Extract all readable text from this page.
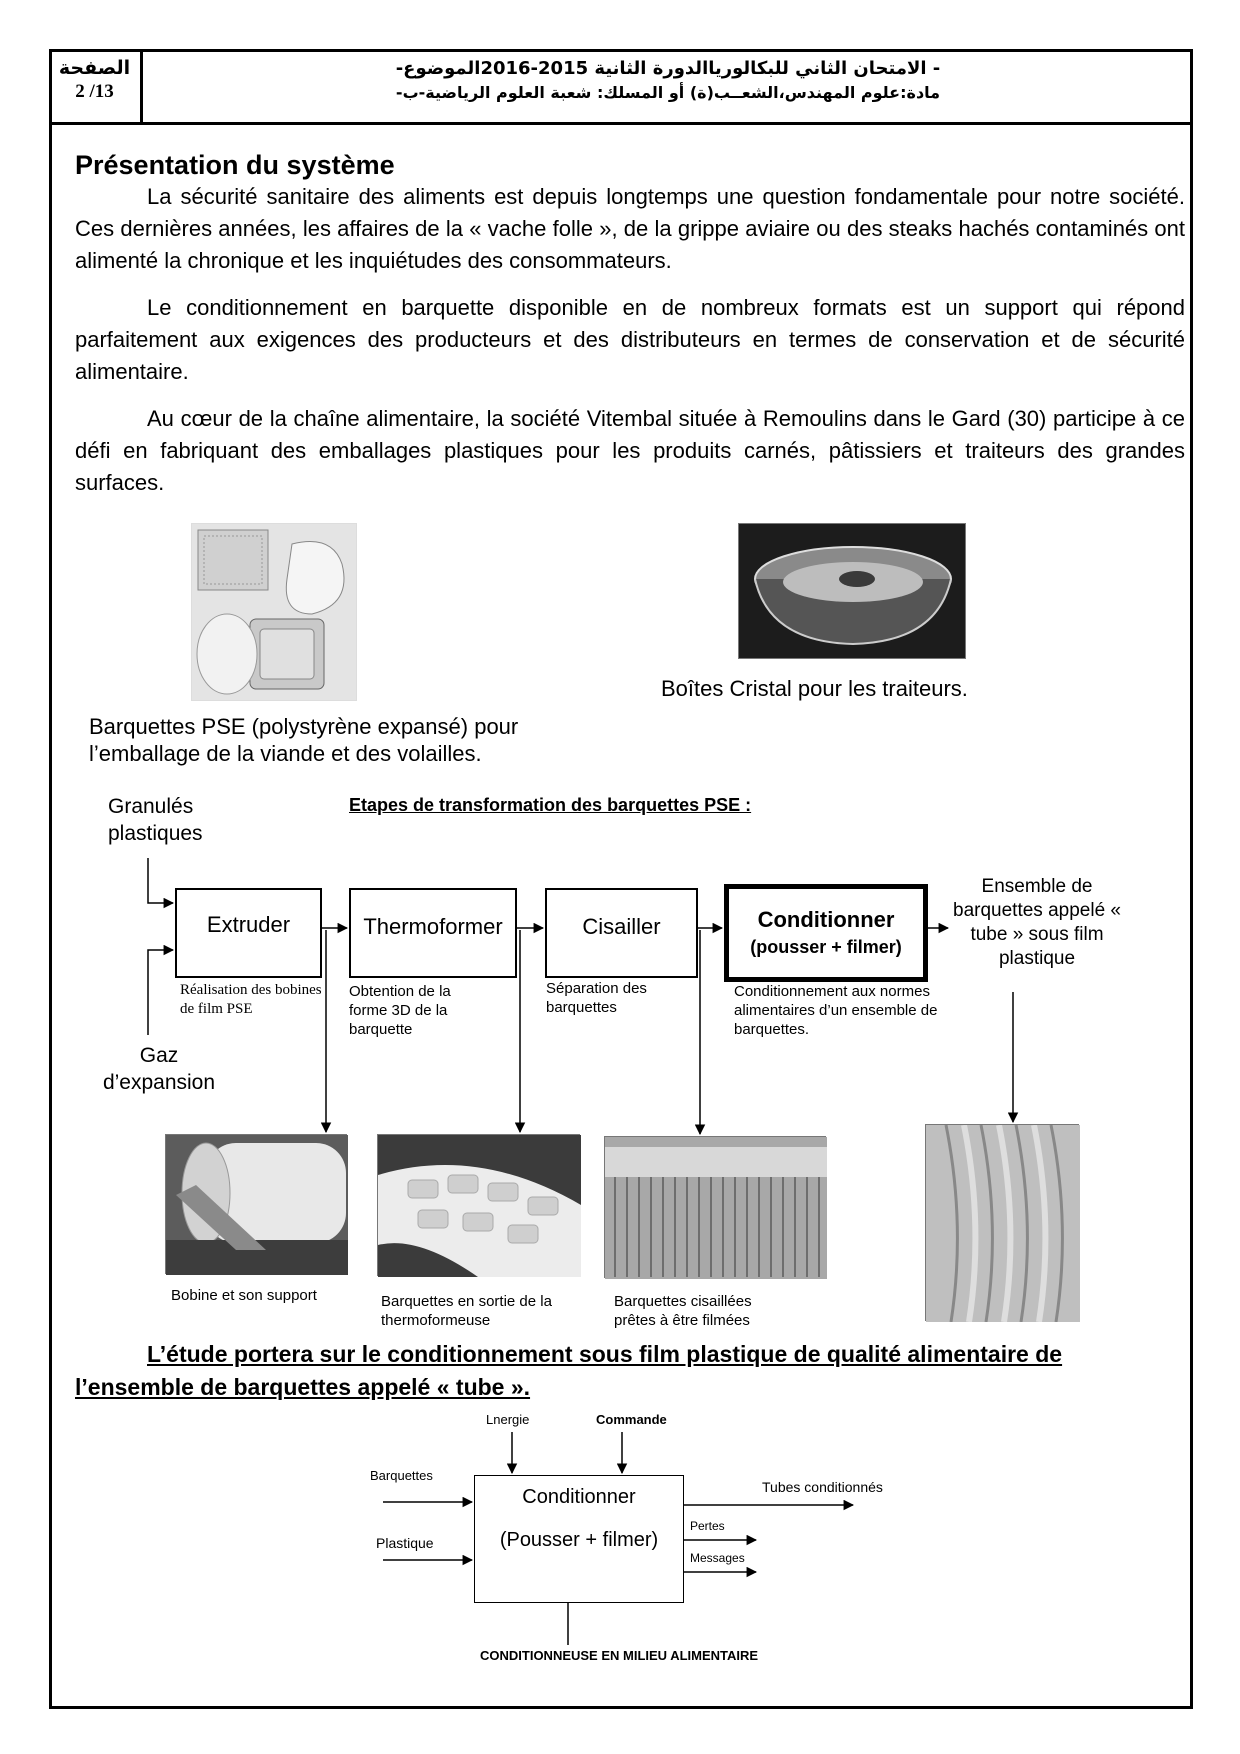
الصفحة
2 /13
- الامتحان الثاني للبكالورياالدورة الثانية 2015-2016الموضوع-
مادة:علوم المهندس،الشعــب(ة) أو المسلك: شعبة العلوم الرياضية-ب-
Présentation du système

La sécurité sanitaire des aliments est depuis longtemps une question fondamentale pour notre société. Ces dernières années, les affaires de la « vache folle », de la grippe aviaire ou des steaks hachés contaminés ont alimenté la chronique et les inquiétudes des consommateurs.

Le conditionnement en barquette disponible en de nombreux formats est un support qui répond parfaitement aux exigences des producteurs et des distributeurs en termes de conservation et de sécurité alimentaire.

Au cœur de la chaîne alimentaire, la société Vitembal située à Remoulins dans le Gard (30) participe à ce défi en fabriquant des emballages plastiques pour les produits carnés, pâtissiers et traiteurs des grandes surfaces.

Boîtes Cristal pour les traiteurs.
Barquettes PSE (polystyrène expansé) pour l’emballage de la viande et des volailles.
Etapes de transformation des barquettes PSE :
Granulés plastiques
Gaz d’expansion
Ensemble de barquettes appelé « tube » sous film plastique
Extruder	Thermoformer	Cisailler	Conditionner
(pousser + filmer)
Réalisation des bobines de film PSE
Obtention de la forme 3D de la barquette
Séparation des barquettes
Conditionnement aux normes alimentaires d’un ensemble de barquettes.
Bobine et son support	Barquettes en sortie de la thermoformeuse
Barquettes cisaillées prêtes à être filmées
L’étude portera sur le conditionnement sous film plastique de qualité alimentaire de l’ensemble de barquettes appelé « tube ».
Conditionner
(Pousser + filmer)
Lnergie	Commande
Barquettes
Plastique
Tubes conditionnés
Pertes
Messages
CONDITIONNEUSE EN MILIEU ALIMENTAIRE
